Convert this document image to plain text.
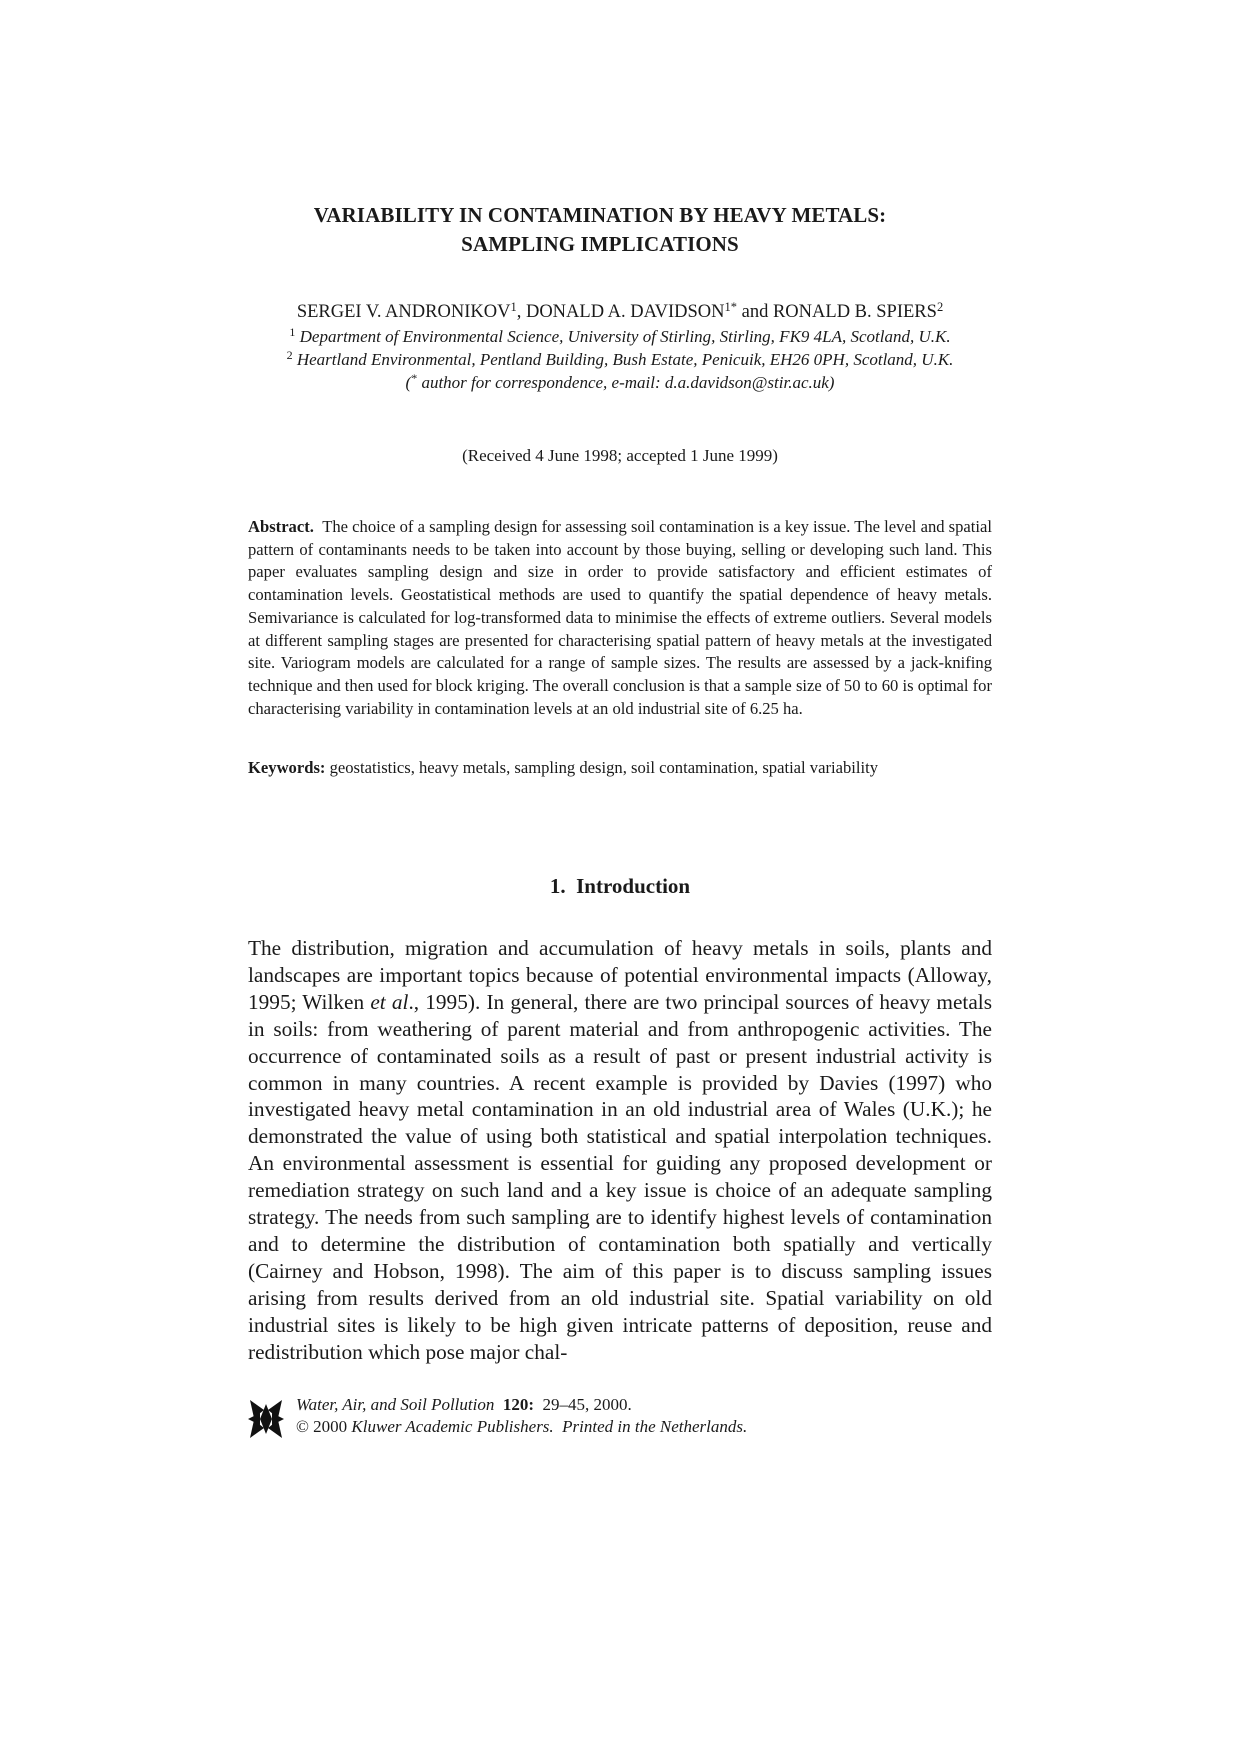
VARIABILITY IN CONTAMINATION BY HEAVY METALS:
SAMPLING IMPLICATIONS
SERGEI V. ANDRONIKOV$^1$, DONALD A. $DAVIDSON^{1*}$ and RONALD B. SPIERS$^2$
$^1$ Department of Environmental Science, University of Stirling, Stirling, FK9 4LA, Scotland, U.K.
$^2$ Heartland Environmental, Pentland Building, Bush Estate, Penicuik, EH26 0PH, Scotland, U.K.
(* author for correspondence, e-mail: d.a.davidson@stir.ac.uk)
(Received 4 June 1998; accepted 1 June 1999)
Abstract. The choice of a sampling design for assessing soil contamination is a key issue. The level and spatial pattern of contaminants needs to be taken into account by those buying, selling or developing such land. This paper evaluates sampling design and size in order to provide satisfactory and efficient estimates of contamination levels. Geostatistical methods are used to quantify the spatial dependence of heavy metals. Semivariance is calculated for log-transformed data to minimise the effects of extreme outliers. Several models at different sampling stages are presented for characterising spatial pattern of heavy metals at the investigated site. Variogram models are calculated for a range of sample sizes. The results are assessed by a jack-knifing technique and then used for block kriging. The overall conclusion is that a sample size of 50 to 60 is optimal for characterising variability in contamination levels at an old industrial site of 6.25 ha.
Keywords: geostatistics, heavy metals, sampling design, soil contamination, spatial variability
1. Introduction
The distribution, migration and accumulation of heavy metals in soils, plants and landscapes are important topics because of potential environmental impacts (Alloway, 1995; Wilken et al., 1995). In general, there are two principal sources of heavy metals in soils: from weathering of parent material and from anthropogenic activities. The occurrence of contaminated soils as a result of past or present industrial activity is common in many countries. A recent example is provided by Davies (1997) who investigated heavy metal contamination in an old industrial area of Wales (U.K.); he demonstrated the value of using both statistical and spatial interpolation techniques. An environmental assessment is essential for guiding any proposed development or remediation strategy on such land and a key issue is choice of an adequate sampling strategy. The needs from such sampling are to identify highest levels of contamination and to determine the distribution of contamination both spatially and vertically (Cairney and Hobson, 1998). The aim of this paper is to discuss sampling issues arising from results derived from an old industrial site. Spatial variability on old industrial sites is likely to be high given intricate patterns of deposition, reuse and redistribution which pose major chal-
Water, Air, and Soil Pollution 120: 29–45, 2000.
© 2000 Kluwer Academic Publishers. Printed in the Netherlands.
